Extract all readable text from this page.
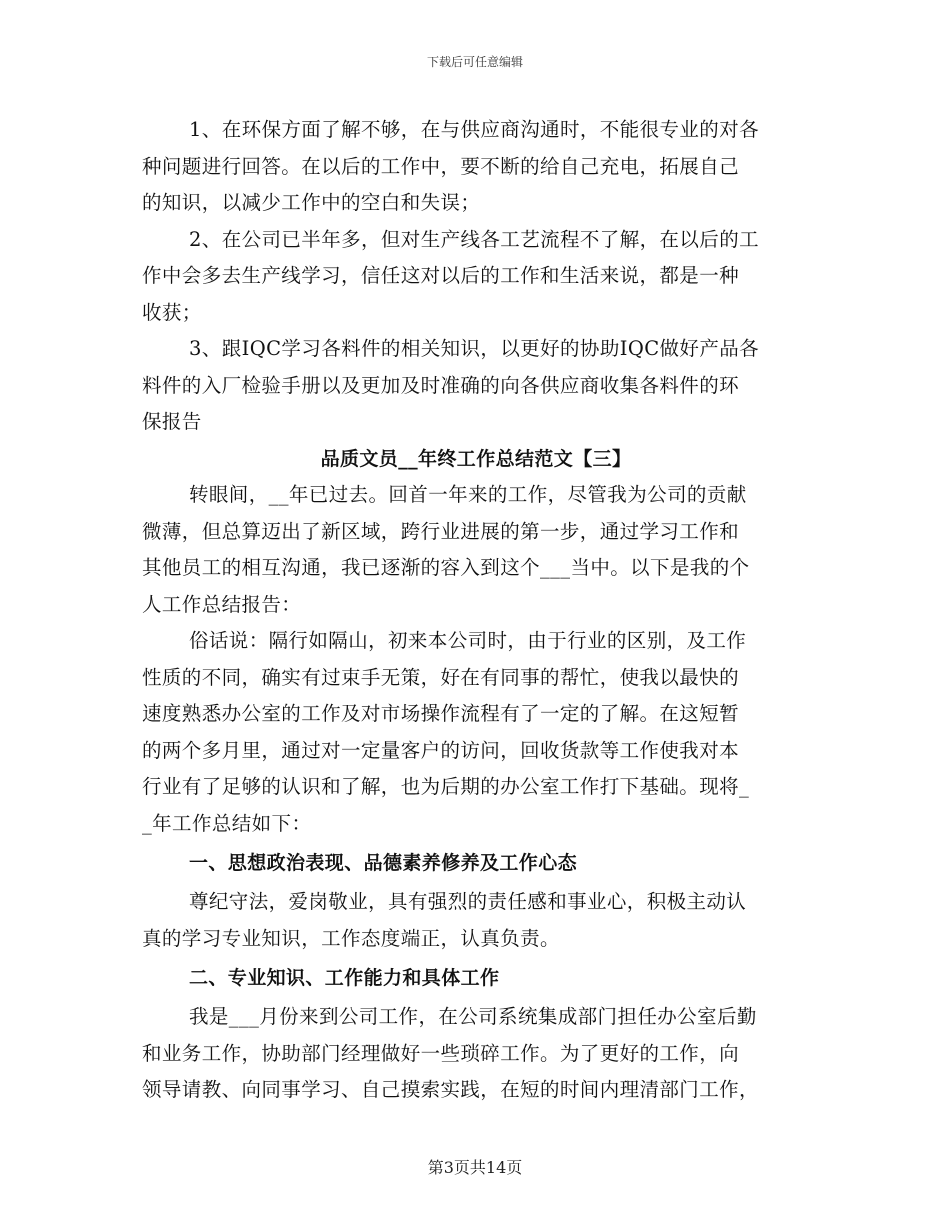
下载后可任意编辑
1、在环保方面了解不够，在与供应商沟通时，不能很专业的对各
种问题进行回答。在以后的工作中，要不断的给自己充电，拓展自己
的知识，以减少工作中的空白和失误；
2、在公司已半年多，但对生产线各工艺流程不了解，在以后的工
作中会多去生产线学习，信任这对以后的工作和生活来说，都是一种
收获；
3、跟IQC学习各料件的相关知识，以更好的协助IQC做好产品各
料件的入厂检验手册以及更加及时准确的向各供应商收集各料件的环
保报告
品质文员__年终工作总结范文【三】
转眼间，__年已过去。回首一年来的工作，尽管我为公司的贡献
微薄，但总算迈出了新区域，跨行业进展的第一步，通过学习工作和
其他员工的相互沟通，我已逐渐的容入到这个___当中。以下是我的个
人工作总结报告：
俗话说：隔行如隔山，初来本公司时，由于行业的区别，及工作
性质的不同，确实有过束手无策，好在有同事的帮忙，使我以最快的
速度熟悉办公室的工作及对市场操作流程有了一定的了解。在这短暂
的两个多月里，通过对一定量客户的访问，回收货款等工作使我对本
行业有了足够的认识和了解，也为后期的办公室工作打下基础。现将_
_年工作总结如下：
一、思想政治表现、品德素养修养及工作心态
尊纪守法，爱岗敬业，具有强烈的责任感和事业心，积极主动认
真的学习专业知识，工作态度端正，认真负责。
二、专业知识、工作能力和具体工作
我是___月份来到公司工作，在公司系统集成部门担任办公室后勤
和业务工作，协助部门经理做好一些琐碎工作。为了更好的工作，向
领导请教、向同事学习、自己摸索实践，在短的时间内理清部门工作，
第3页共14页
